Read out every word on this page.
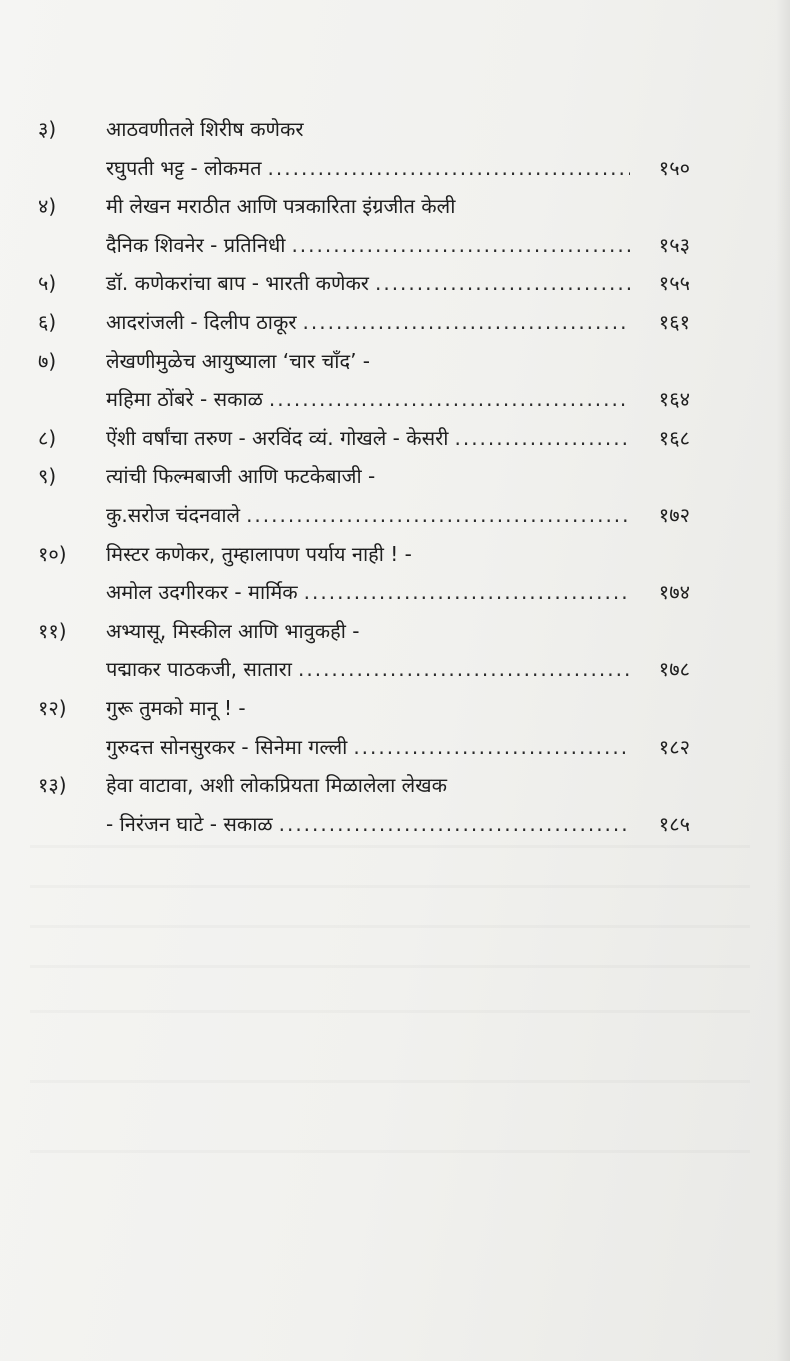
३)	आठवणीतले शिरीष कणेकर
रघुपती भट्ट - लोकमत .....	१५०
४)	मी लेखन मराठीत आणि पत्रकारिता इंग्रजीत केली
दैनिक शिवनेर - प्रतिनिधी .....	१५३
५)	डॉ. कणेकरांचा बाप - भारती कणेकर .....	१५५
६)	आदरांजली - दिलीप ठाकूर .....	१६१
७)	लेखणीमुळेच आयुष्याला ‘चार चाँद’ -
महिमा ठोंबरे - सकाळ .....	१६४
८)	ऐंशी वर्षांचा तरुण - अरविंद व्यं. गोखले - केसरी .....	१६८
९)	त्यांची फिल्मबाजी आणि फटकेबाजी -
कु.सरोज चंदनवाले .....	१७२
१०)	मिस्टर कणेकर, तुम्हालापण पर्याय नाही ! -
अमोल उदगीरकर - मार्मिक .....	१७४
११)	अभ्यासू, मिस्कील आणि भावुकही -
पद्माकर पाठकजी, सातारा .....	१७८
१२)	गुरू तुमको मानू ! -
गुरुदत्त सोनसुरकर - सिनेमा गल्ली .....	१८२
१३)	हेवा वाटावा, अशी लोकप्रियता मिळालेला लेखक
- निरंजन घाटे - सकाळ .....	१८५
